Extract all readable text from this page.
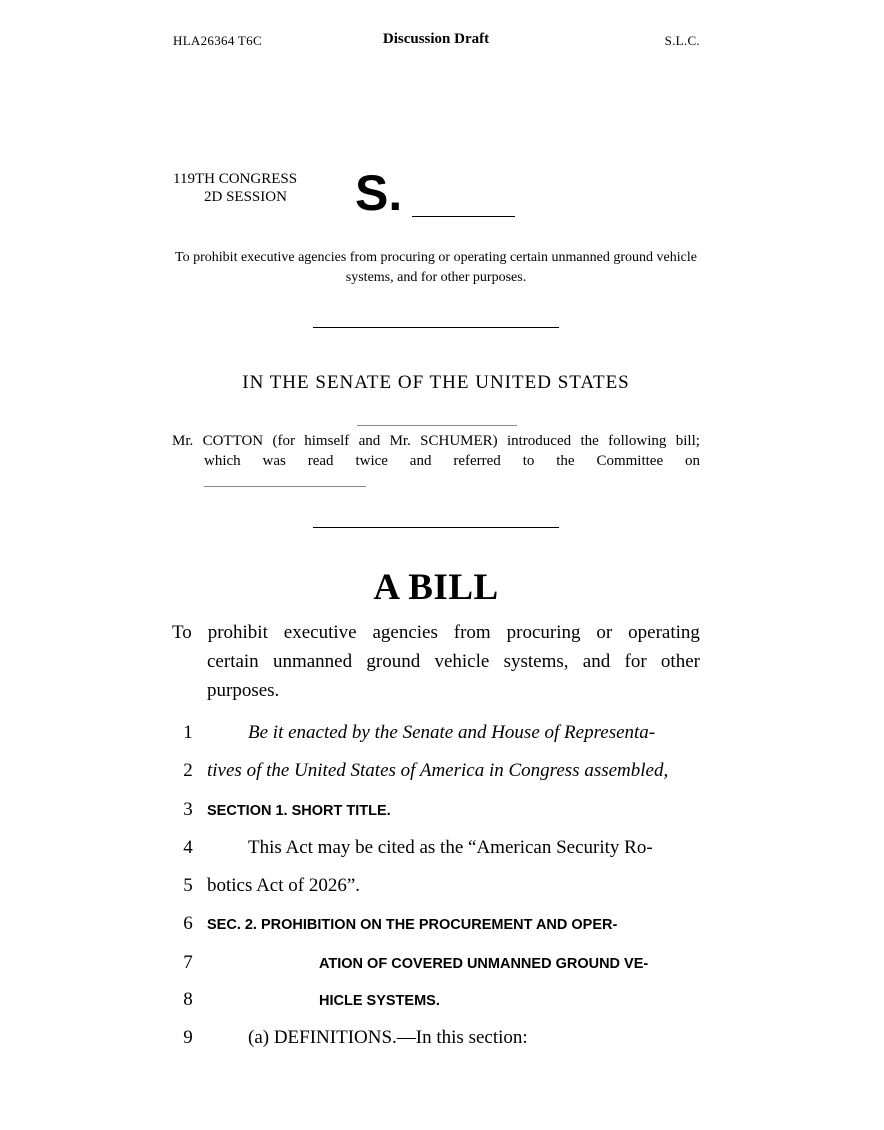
HLA26364 T6C	Discussion Draft	S.L.C.
119TH CONGRESS
2D SESSION S.
To prohibit executive agencies from procuring or operating certain unmanned ground vehicle systems, and for other purposes.
IN THE SENATE OF THE UNITED STATES
Mr. COTTON (for himself and Mr. SCHUMER) introduced the following bill;
which was read twice and referred to the Committee on
A BILL
To prohibit executive agencies from procuring or operating
certain unmanned ground vehicle systems, and for other
purposes.
1	Be it enacted by the Senate and House of Representa-
2 tives of the United States of America in Congress assembled,
3 SECTION 1. SHORT TITLE.
4	This Act may be cited as the “American Security Ro-
5 botics Act of 2026”.
6 SEC. 2. PROHIBITION ON THE PROCUREMENT AND OPER-
7	ATION OF COVERED UNMANNED GROUND VE-
8	HICLE SYSTEMS.
9	(a) DEFINITIONS.—In this section:
